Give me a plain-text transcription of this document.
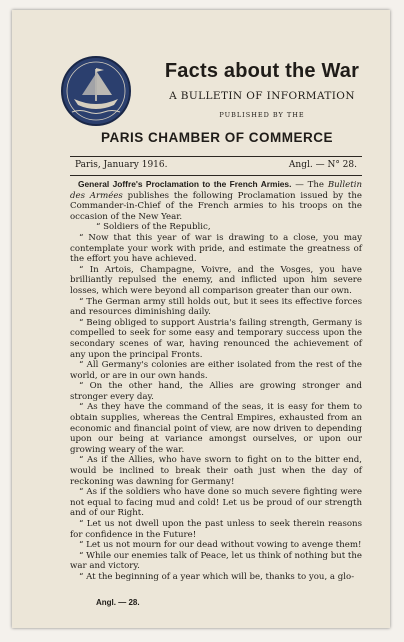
Facts about the War
A BULLETIN OF INFORMATION
PUBLISHED BY THE
PARIS CHAMBER OF COMMERCE
Paris, January 1916.	Angl. — N° 28.

General Joffre's Proclamation to the French Armies. — The Bulletin des Armées publishes the following Proclamation issued by the Commander-in-Chief of the French armies to his troops on the occasion of the New Year.

“ Soldiers of the Republic,

“ Now that this year of war is drawing to a close, you may contemplate your work with pride, and estimate the greatness of the effort you have achieved.

“ In Artois, Champagne, Voivre, and the Vosges, you have brilliantly repulsed the enemy, and inflicted upon him severe losses, which were beyond all comparison greater than our own.

“ The German army still holds out, but it sees its effective forces and resources diminishing daily.

“ Being obliged to support Austria's failing strength, Germany is compelled to seek for some easy and temporary success upon the secondary scenes of war, having renounced the achievement of any upon the principal Fronts.

“ All Germany's colonies are either isolated from the rest of the world, or are in our own hands.

“ On the other hand, the Allies are growing stronger and stronger every day.

“ As they have the command of the seas, it is easy for them to obtain supplies, whereas the Central Empires, exhausted from an economic and financial point of view, are now driven to depending upon our being at variance amongst ourselves, or upon our growing weary of the war.

“ As if the Allies, who have sworn to fight on to the bitter end, would be inclined to break their oath just when the day of reckoning was dawning for Germany!

“ As if the soldiers who have done so much severe fighting were not equal to facing mud and cold! Let us be proud of our strength and of our Right.

“ Let us not dwell upon the past unless to seek therein reasons for confidence in the Future!

“ Let us not mourn for our dead without vowing to avenge them!

“ While our enemies talk of Peace, let us think of nothing but the war and victory.

“ At the beginning of a year which will be, thanks to you, a glo-

Angl. — 28.
